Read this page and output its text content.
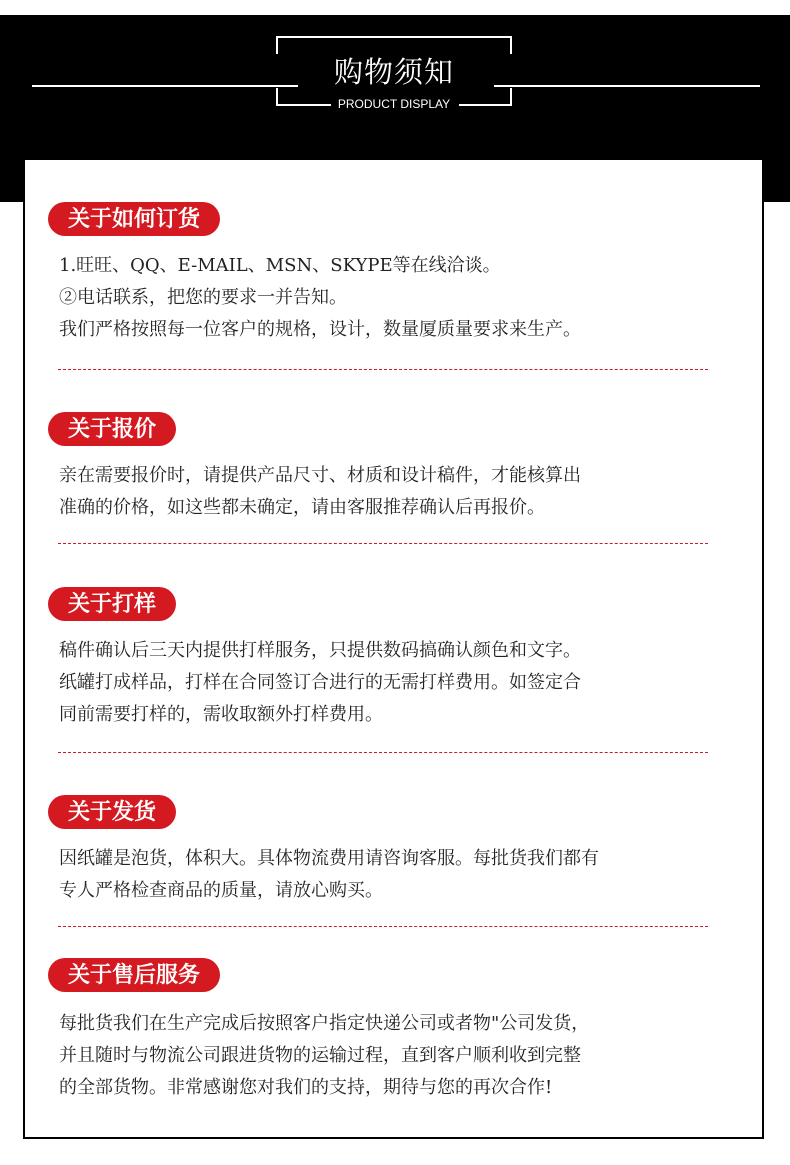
购物须知
PRODUCT DISPLAY
关于如何订货
1.旺旺、QQ、E-MAIL、MSN、SKYPE等在线洽谈。
②电话联系，把您的要求一并告知。
我们严格按照每一位客户的规格，设计，数量厦质量要求来生产。
关于报价
亲在需要报价时，请提供产品尺寸、材质和设计稿件，才能核算出
准确的价格，如这些都未确定，请由客服推荐确认后再报价。
关于打样
稿件确认后三天内提供打样服务，只提供数码搞确认颜色和文字。
纸罐打成样品，打样在合同签订合进行的无需打样费用。如签定合
同前需要打样的，需收取额外打样费用。
关于发货
因纸罐是泡货，体积大。具体物流费用请咨询客服。每批货我们都有
专人严格检查商品的质量，请放心购买。
关于售后服务
每批货我们在生产完成后按照客户指定快递公司或者物"公司发货，
并且随时与物流公司跟进货物的运输过程，直到客户顺利收到完整
的全部货物。非常感谢您对我们的支持，期待与您的再次合作!
